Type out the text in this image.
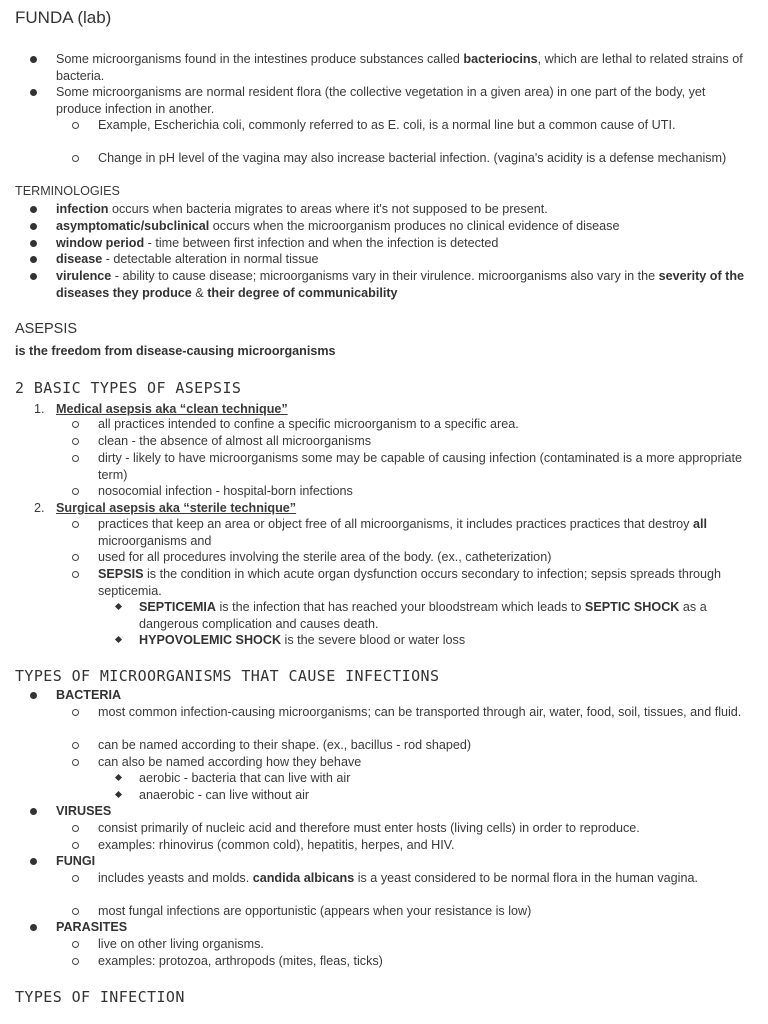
FUNDA (lab)
Some microorganisms found in the intestines produce substances called bacteriocins, which are lethal to related strains of bacteria.
Some microorganisms are normal resident flora (the collective vegetation in a given area) in one part of the body, yet produce infection in another.
Example, Escherichia coli, commonly referred to as E. coli, is a normal line but a common cause of UTI.
Change in pH level of the vagina may also increase bacterial infection. (vagina's acidity is a defense mechanism)
TERMINOLOGIES
infection occurs when bacteria migrates to areas where it's not supposed to be present.
asymptomatic/subclinical occurs when the microorganism produces no clinical evidence of disease
window period - time between first infection and when the infection is detected
disease - detectable alteration in normal tissue
virulence - ability to cause disease; microorganisms vary in their virulence. microorganisms also vary in the severity of the diseases they produce & their degree of communicability
ASEPSIS
is the freedom from disease-causing microorganisms
2 BASIC TYPES OF ASEPSIS
1. Medical asepsis aka “clean technique”
all practices intended to confine a specific microorganism to a specific area.
clean - the absence of almost all microorganisms
dirty - likely to have microorganisms some may be capable of causing infection (contaminated is a more appropriate term)
nosocomial infection - hospital-born infections
2. Surgical asepsis aka “sterile technique”
practices that keep an area or object free of all microorganisms, it includes practices practices that destroy all microorganisms and
used for all procedures involving the sterile area of the body. (ex., catheterization)
SEPSIS is the condition in which acute organ dysfunction occurs secondary to infection; sepsis spreads through septicemia.
SEPTICEMIA is the infection that has reached your bloodstream which leads to SEPTIC SHOCK as a dangerous complication and causes death.
HYPOVOLEMIC SHOCK is the severe blood or water loss
TYPES OF MICROORGANISMS THAT CAUSE INFECTIONS
BACTERIA
most common infection-causing microorganisms; can be transported through air, water, food, soil, tissues, and fluid.
can be named according to their shape. (ex., bacillus - rod shaped)
can also be named according how they behave
aerobic - bacteria that can live with air
anaerobic - can live without air
VIRUSES
consist primarily of nucleic acid and therefore must enter hosts (living cells) in order to reproduce.
examples: rhinovirus (common cold), hepatitis, herpes, and HIV.
FUNGI
includes yeasts and molds. candida albicans is a yeast considered to be normal flora in the human vagina.
most fungal infections are opportunistic (appears when your resistance is low)
PARASITES
live on other living organisms.
examples: protozoa, arthropods (mites, fleas, ticks)
TYPES OF INFECTION
